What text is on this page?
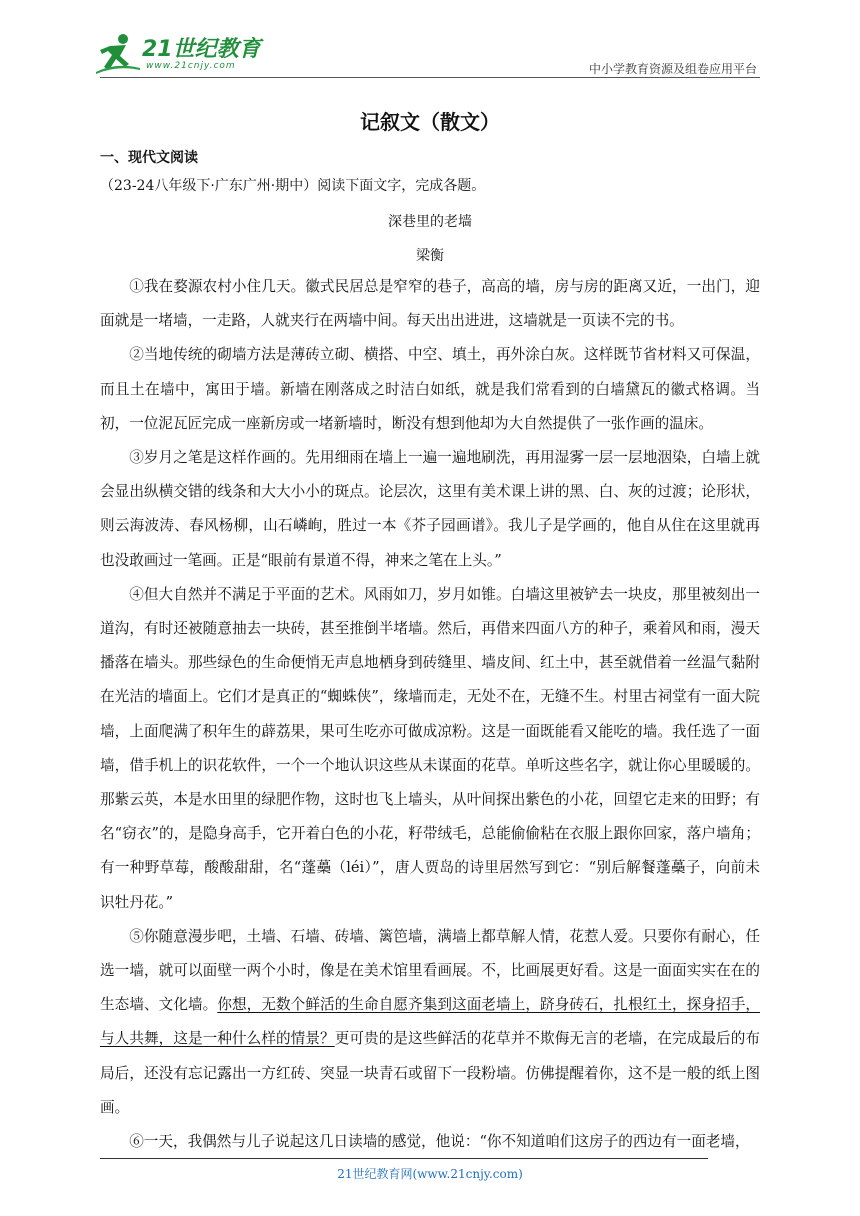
21世纪教育
www.21cnjy.com	中小学教育资源及组卷应用平台
记叙文（散文）
一、现代文阅读
（23-24八年级下·广东广州·期中）阅读下面文字，完成各题。
深巷里的老墙
梁衡

①我在婺源农村小住几天。徽式民居总是窄窄的巷子，高高的墙，房与房的距离又近，一出门，迎面就是一堵墙，一走路，人就夹行在两墙中间。每天出出进进，这墙就是一页读不完的书。

②当地传统的砌墙方法是薄砖立砌、横搭、中空、填土，再外涂白灰。这样既节省材料又可保温，而且土在墙中，寓田于墙。新墙在刚落成之时洁白如纸，就是我们常看到的白墙黛瓦的徽式格调。当初，一位泥瓦匠完成一座新房或一堵新墙时，断没有想到他却为大自然提供了一张作画的温床。

③岁月之笔是这样作画的。先用细雨在墙上一遍一遍地刷洗，再用湿雾一层一层地洇染，白墙上就会显出纵横交错的线条和大大小小的斑点。论层次，这里有美术课上讲的黑、白、灰的过渡；论形状，则云海波涛、春风杨柳，山石嶙峋，胜过一本《芥子园画谱》。我儿子是学画的，他自从住在这里就再也没敢画过一笔画。正是“眼前有景道不得，神来之笔在上头。”

④但大自然并不满足于平面的艺术。风雨如刀，岁月如锥。白墙这里被铲去一块皮，那里被刻出一道沟，有时还被随意抽去一块砖，甚至推倒半堵墙。然后，再借来四面八方的种子，乘着风和雨，漫天播落在墙头。那些绿色的生命便悄无声息地栖身到砖缝里、墙皮间、红土中，甚至就借着一丝温气黏附在光洁的墙面上。它们才是真正的“蜘蛛侠”，缘墙而走，无处不在，无缝不生。村里古祠堂有一面大院墙，上面爬满了积年生的薜荔果，果可生吃亦可做成凉粉。这是一面既能看又能吃的墙。我任选了一面墙，借手机上的识花软件，一个一个地认识这些从未谋面的花草。单听这些名字，就让你心里暖暖的。那紫云英，本是水田里的绿肥作物，这时也飞上墙头，从叶间探出紫色的小花，回望它走来的田野；有名“窃衣”的，是隐身高手，它开着白色的小花，籽带绒毛，总能偷偷粘在衣服上跟你回家，落户墙角；有一种野草莓，酸酸甜甜，名“蓬蘽（léi）”，唐人贾岛的诗里居然写到它：“别后解餐蓬蘽子，向前未识牡丹花。”

⑤你随意漫步吧，土墙、石墙、砖墙、篱笆墙，满墙上都草解人情，花惹人爱。只要你有耐心，任选一墙，就可以面壁一两个小时，像是在美术馆里看画展。不，比画展更好看。这是一面面实实在在的生态墙、文化墙。你想，无数个鲜活的生命自愿齐集到这面老墙上，跻身砖石，扎根红土，探身招手，与人共舞，这是一种什么样的情景？更可贵的是这些鲜活的花草并不欺侮无言的老墙，在完成最后的布局后，还没有忘记露出一方红砖、突显一块青石或留下一段粉墙。仿佛提醒着你，这不是一般的纸上图画。

⑥一天，我偶然与儿子说起这几日读墙的感觉，他说：“你不知道咱们这房子的西边有一面老墙，

21世纪教育网(www.21cnjy.com)
